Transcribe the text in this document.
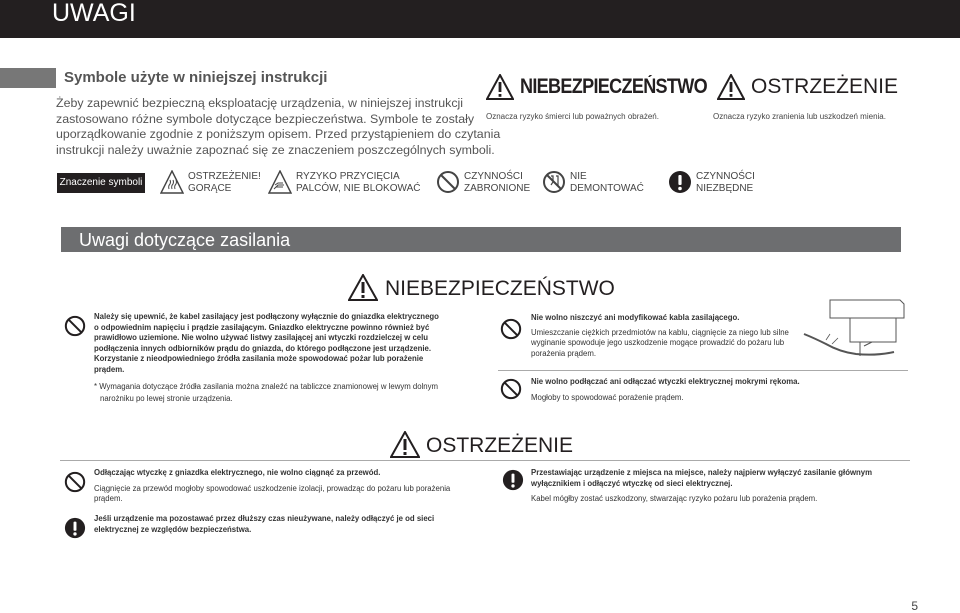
UWAGI
Symbole użyte w niniejszej instrukcji
Żeby zapewnić bezpieczną eksploatację urządzenia, w niniejszej instrukcji
zastosowano różne symbole dotyczące bezpieczeństwa. Symbole te zostały
uporządkowanie zgodnie z poniższym opisem. Przed przystąpieniem do czytania
instrukcji należy uważnie zapoznać się ze znaczeniem poszczególnych symboli.
NIEBEZPIECZEŃSTWO
Oznacza ryzyko śmierci lub poważnych obrażeń.
OSTRZEŻENIE
Oznacza ryzyko zranienia lub uszkodzeń mienia.
Znaczenie symboli
OSTRZEŻENIE!
GORĄCE
RYZYKO PRZYCIĘCIA
PALCÓW, NIE BLOKOWAĆ
CZYNNOŚCI
ZABRONIONE
NIE
DEMONTOWAĆ
CZYNNOŚCI
NIEZBĘDNE
Uwagi dotyczące zasilania
NIEBEZPIECZEŃSTWO
Należy się upewnić, że kabel zasilający jest podłączony wyłącznie do gniazdka elektrycznego
o odpowiednim napięciu i prądzie zasilającym. Gniazdko elektryczne powinno również być
prawidłowo uziemione. Nie wolno używać listwy zasilającej ani wtyczki rozdzielczej w celu
podłączenia innych odbiorników prądu do gniazda, do którego podłączone jest urządzenie.
Korzystanie z nieodpowiedniego źródła zasilania może spowodować pożar lub porażenie
prądem.
* Wymagania dotyczące źródła zasilania można znaleźć na tabliczce znamionowej w lewym dolnym
narożniku po lewej stronie urządzenia.
Nie wolno niszczyć ani modyfikować kabla zasilającego.
Umieszczanie ciężkich przedmiotów na kablu, ciągnięcie za niego lub silne
wyginanie spowoduje jego uszkodzenie mogące prowadzić do pożaru lub
porażenia prądem.
Nie wolno podłączać ani odłączać wtyczki elektrycznej mokrymi rękoma.
Mogłoby to spowodować porażenie prądem.
OSTRZEŻENIE
Odłączając wtyczkę z gniazdka elektrycznego, nie wolno ciągnąć za przewód.
Ciągnięcie za przewód mogłoby spowodować uszkodzenie izolacji, prowadząc do pożaru lub porażenia
prądem.
Jeśli urządzenie ma pozostawać przez dłuższy czas nieużywane, należy odłączyć je od sieci
elektrycznej ze względów bezpieczeństwa.
Przestawiając urządzenie z miejsca na miejsce, należy najpierw wyłączyć zasilanie głównym
wyłącznikiem i odłączyć wtyczkę od sieci elektrycznej.
Kabel mógłby zostać uszkodzony, stwarzając ryzyko pożaru lub porażenia prądem.
5
